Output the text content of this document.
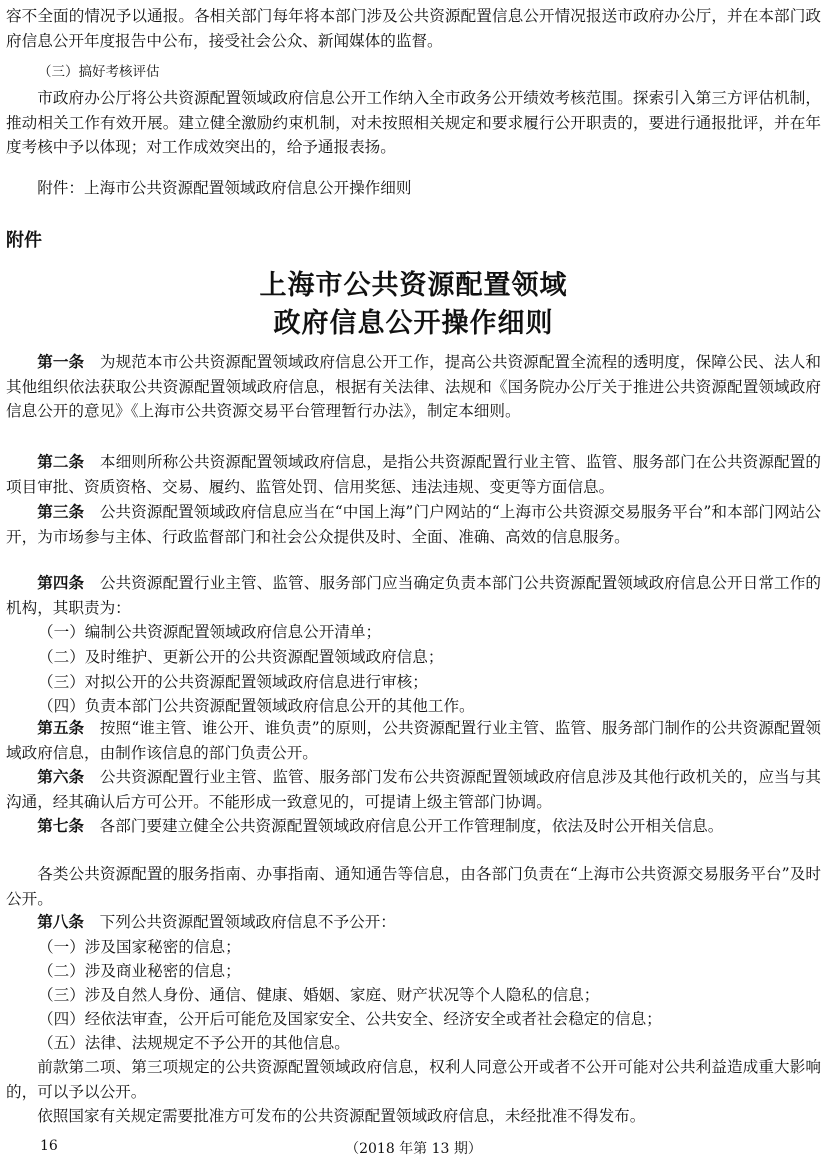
容不全面的情况予以通报。各相关部门每年将本部门涉及公共资源配置信息公开情况报送市政府办公厅，并在本部门政府信息公开年度报告中公布，接受社会公众、新闻媒体的监督。

（三）搞好考核评估

市政府办公厅将公共资源配置领域政府信息公开工作纳入全市政务公开绩效考核范围。探索引入第三方评估机制，推动相关工作有效开展。建立健全激励约束机制，对未按照相关规定和要求履行公开职责的，要进行通报批评，并在年度考核中予以体现；对工作成效突出的，给予通报表扬。

附件：上海市公共资源配置领域政府信息公开操作细则

附件

上海市公共资源配置领域

政府信息公开操作细则

第一条　 为规范本市公共资源配置领域政府信息公开工作，提高公共资源配置全流程的透明度，保障公民、法人和其他组织依法获取公共资源配置领域政府信息，根据有关法律、法规和《国务院办公厅关于推进公共资源配置领域政府信息公开的意见》《上海市公共资源交易平台管理暂行办法》，制定本细则。

第二条　 本细则所称公共资源配置领域政府信息，是指公共资源配置行业主管、监管、服务部门在公共资源配置的项目审批、资质资格、交易、履约、监管处罚、信用奖惩、违法违规、变更等方面信息。

第三条　 公共资源配置领域政府信息应当在“中国上海”门户网站的“上海市公共资源交易服务平台”和本部门网站公开，为市场参与主体、行政监督部门和社会公众提供及时、全面、准确、高效的信息服务。

第四条　 公共资源配置行业主管、监管、服务部门应当确定负责本部门公共资源配置领域政府信息公开日常工作的机构，其职责为：

（一）编制公共资源配置领域政府信息公开清单；

（二）及时维护、更新公开的公共资源配置领域政府信息；

（三）对拟公开的公共资源配置领域政府信息进行审核；

（四）负责本部门公共资源配置领域政府信息公开的其他工作。

第五条　 按照“谁主管、谁公开、谁负责”的原则，公共资源配置行业主管、监管、服务部门制作的公共资源配置领域政府信息，由制作该信息的部门负责公开。

第六条　 公共资源配置行业主管、监管、服务部门发布公共资源配置领域政府信息涉及其他行政机关的，应当与其沟通，经其确认后方可公开。不能形成一致意见的，可提请上级主管部门协调。

第七条　 各部门要建立健全公共资源配置领域政府信息公开工作管理制度，依法及时公开相关信息。

各类公共资源配置的服务指南、办事指南、通知通告等信息，由各部门负责在“上海市公共资源交易服务平台”及时公开。

第八条　 下列公共资源配置领域政府信息不予公开：

（一）涉及国家秘密的信息；

（二）涉及商业秘密的信息；

（三）涉及自然人身份、通信、健康、婚姻、家庭、财产状况等个人隐私的信息；

（四）经依法审查，公开后可能危及国家安全、公共安全、经济安全或者社会稳定的信息；

（五）法律、法规规定不予公开的其他信息。

前款第二项、第三项规定的公共资源配置领域政府信息，权利人同意公开或者不公开可能对公共利益造成重大影响的，可以予以公开。

依照国家有关规定需要批准方可发布的公共资源配置领域政府信息，未经批准不得发布。

16	（2018 年第 13 期）
